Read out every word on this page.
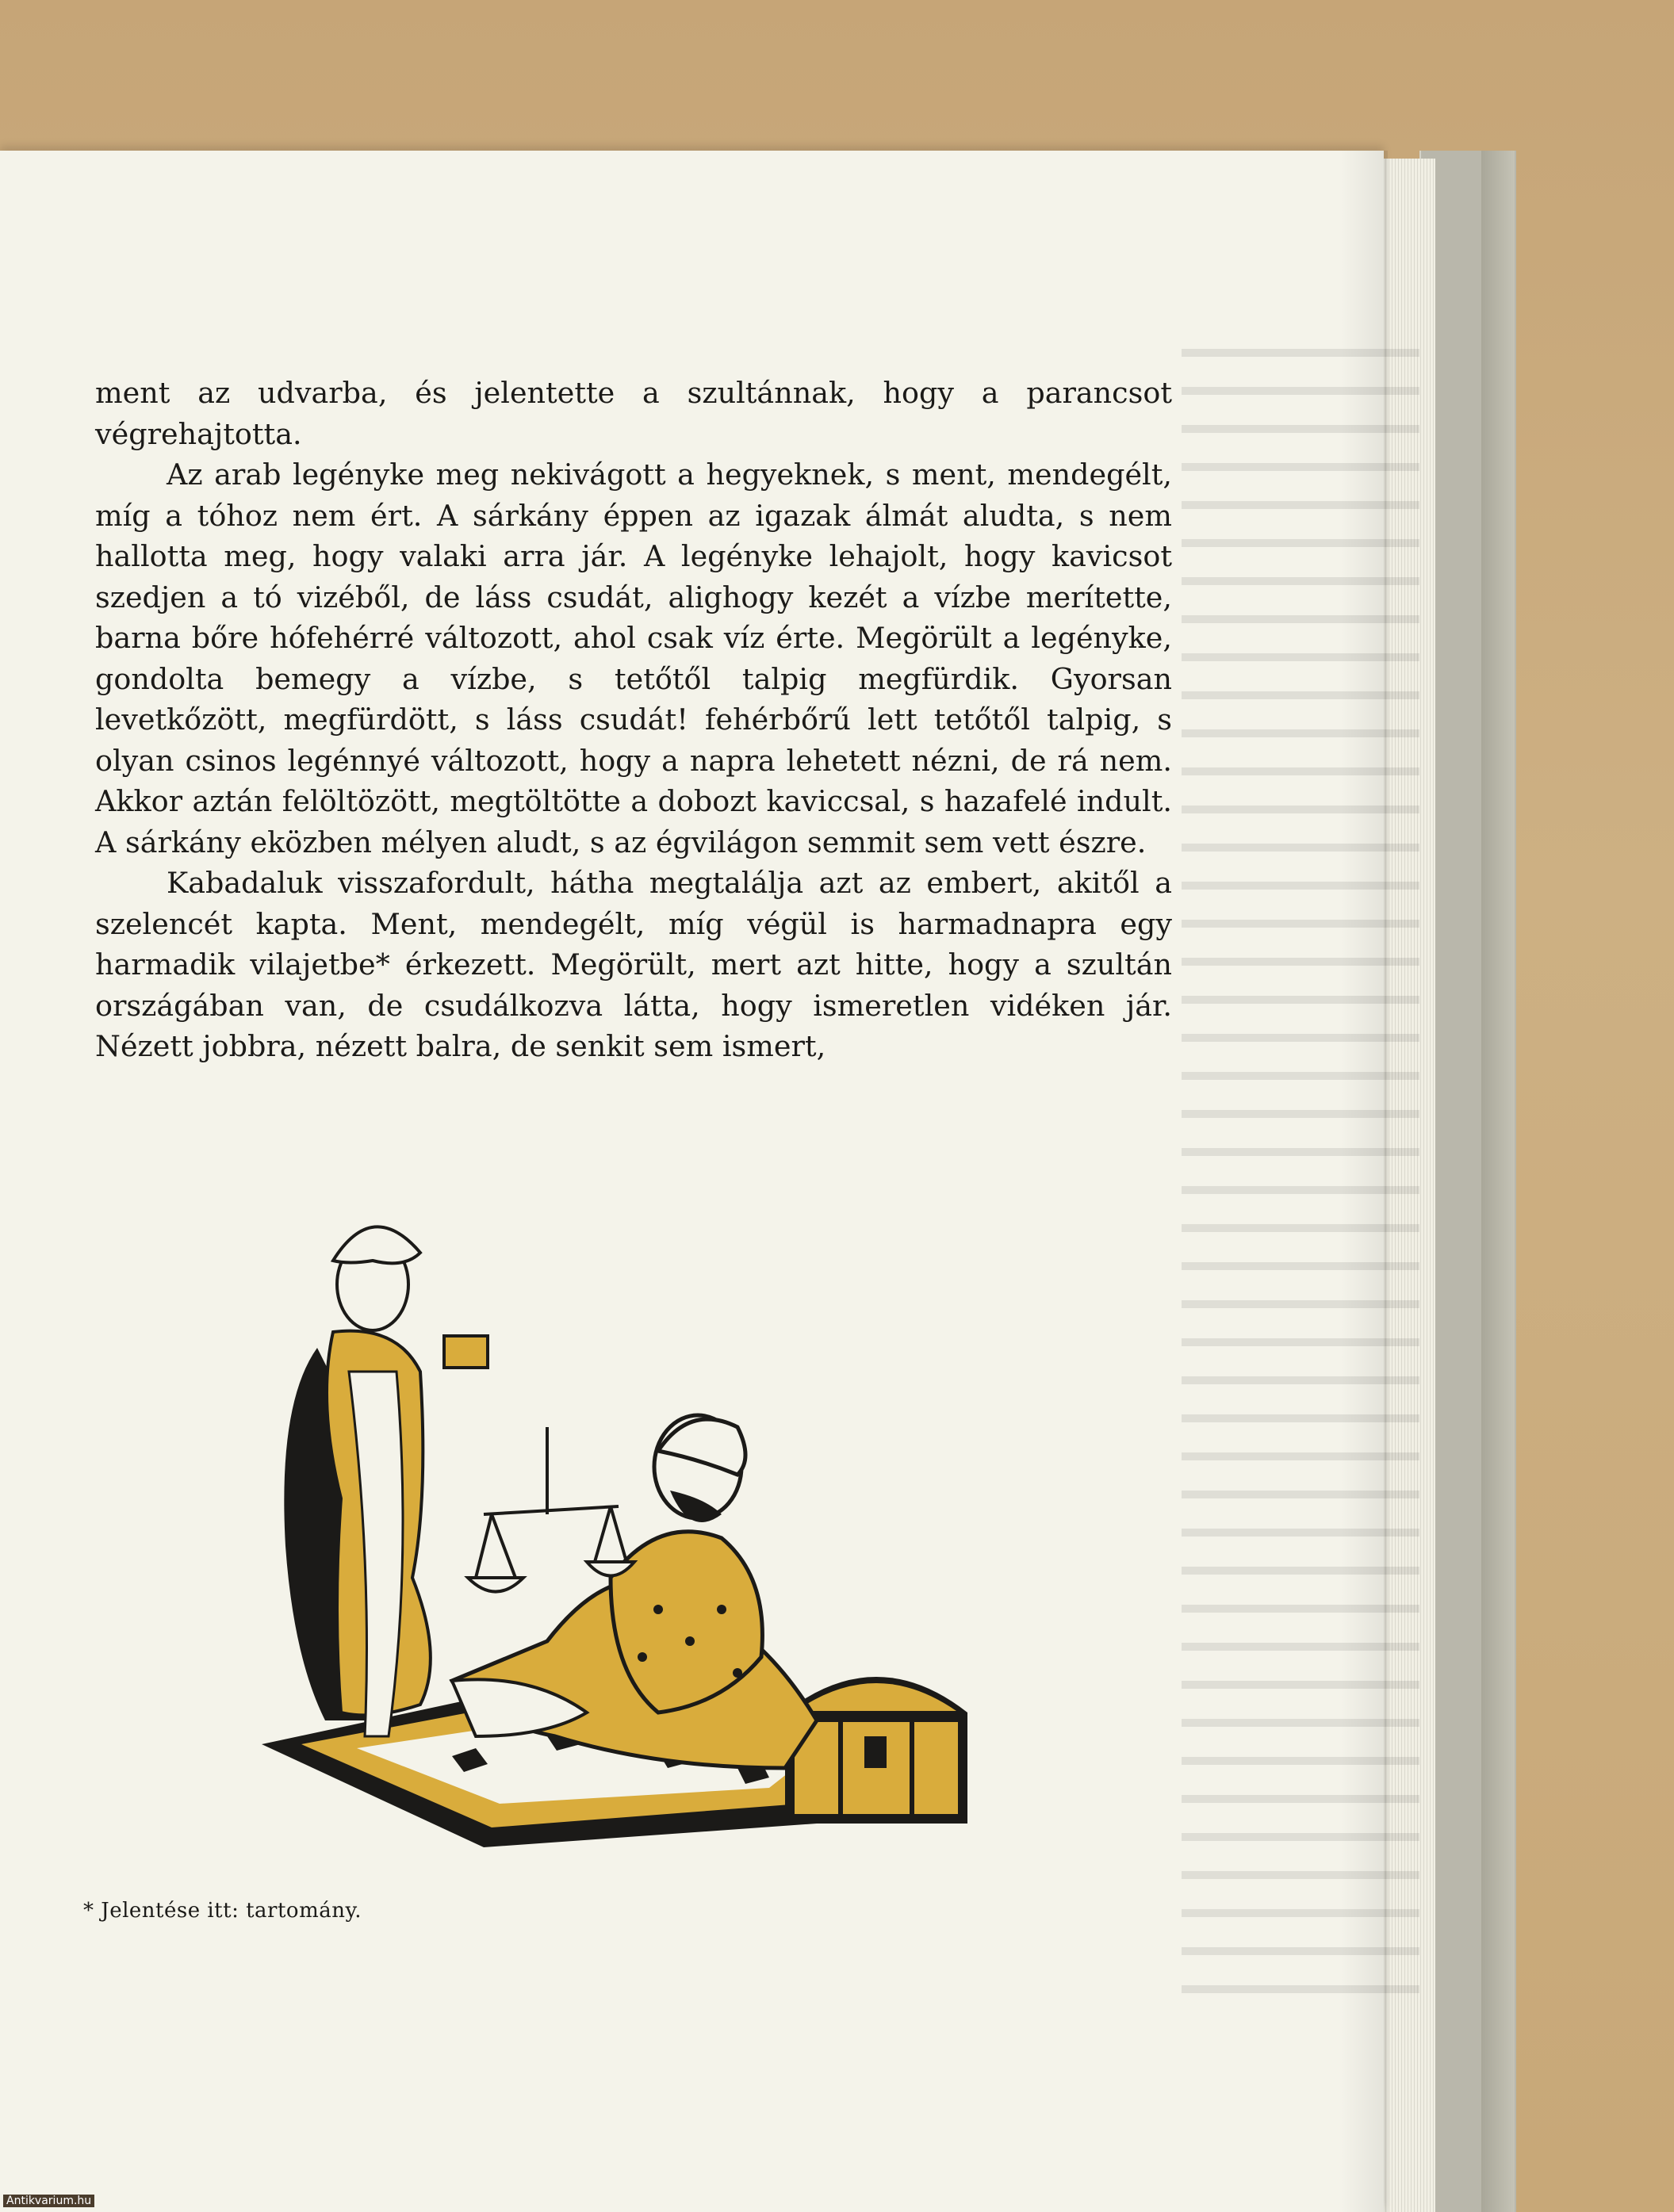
ment az udvarba, és jelentette a szultánnak, hogy a parancsot végrehajtotta.

Az arab legényke meg nekivágott a hegyeknek, s ment, mendegélt, míg a tóhoz nem ért. A sárkány éppen az igazak álmát aludta, s nem hallotta meg, hogy valaki arra jár. A legényke lehajolt, hogy kavicsot szedjen a tó vizéből, de láss csudát, alighogy kezét a vízbe merítette, barna bőre hófehérré változott, ahol csak víz érte. Megörült a legényke, gondolta bemegy a vízbe, s tetőtől talpig megfürdik. Gyorsan levetkőzött, megfürdött, s láss csudát! fehérbőrű lett tetőtől talpig, s olyan csinos legénnyé változott, hogy a napra lehetett nézni, de rá nem. Akkor aztán felöltözött, megtöltötte a dobozt kaviccsal, s hazafelé indult. A sárkány eközben mélyen aludt, s az égvilágon semmit sem vett észre.

Kabadaluk visszafordult, hátha megtalálja azt az embert, akitől a szelencét kapta. Ment, mendegélt, míg végül is harmadnapra egy harmadik vilajetbe* érkezett. Megörült, mert azt hitte, hogy a szultán országában van, de csudálkozva látta, hogy ismeretlen vidéken jár. Nézett jobbra, nézett balra, de senkit sem ismert,

* Jelentése itt: tartomány.
Antikvarium.hu
